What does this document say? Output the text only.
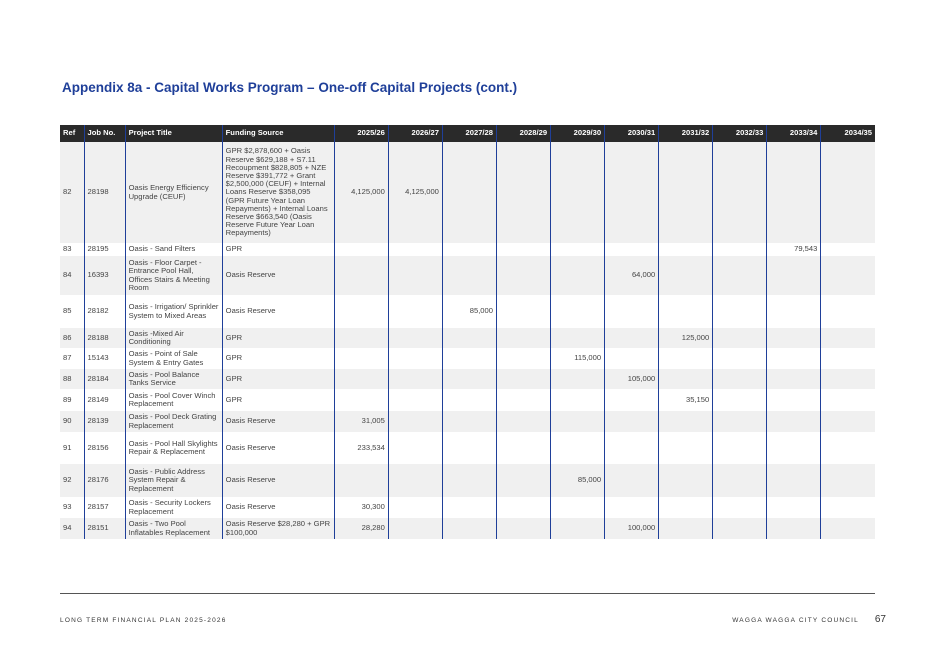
Appendix 8a - Capital Works Program – One-off Capital Projects (cont.)
Ref	Job No.	Project Title	Funding Source	2025/26	2026/27	2027/28	2028/29	2029/30	2030/31	2031/32	2032/33	2033/34	2034/35
82	28198	Oasis Energy Efficiency Upgrade (CEUF)	GPR $2,878,600 + Oasis Reserve $629,188 + S7.11 Recoupment $828,805 + NZE Reserve $391,772 + Grant $2,500,000 (CEUF) + Internal Loans Reserve $358,095 (GPR Future Year Loan Repayments) + Internal Loans Reserve $663,540 (Oasis Reserve Future Year Loan Repayments)	4,125,000	4,125,000								
83	28195	Oasis - Sand Filters	GPR									79,543	
84	16393	Oasis - Floor Carpet - Entrance Pool Hall, Offices Stairs & Meeting Room	Oasis Reserve						64,000				
85	28182	Oasis - Irrigation/ Sprinkler System to Mixed Areas	Oasis Reserve			85,000							
86	28188	Oasis -Mixed Air Conditioning	GPR							125,000			
87	15143	Oasis - Point of Sale System & Entry Gates	GPR					115,000					
88	28184	Oasis - Pool Balance Tanks Service	GPR						105,000				
89	28149	Oasis - Pool Cover Winch Replacement	GPR							35,150			
90	28139	Oasis - Pool Deck Grating Replacement	Oasis Reserve	31,005									
91	28156	Oasis - Pool Hall Skylights Repair & Replacement	Oasis Reserve	233,534									
92	28176	Oasis - Public Address System Repair & Replacement	Oasis Reserve					85,000					
93	28157	Oasis - Security Lockers Replacement	Oasis Reserve	30,300									
94	28151	Oasis - Two Pool Inflatables Replacement	Oasis Reserve $28,280 + GPR $100,000	28,280					100,000				
LONG TERM FINANCIAL PLAN 2025-2026	WAGGA WAGGA CITY COUNCIL 67
